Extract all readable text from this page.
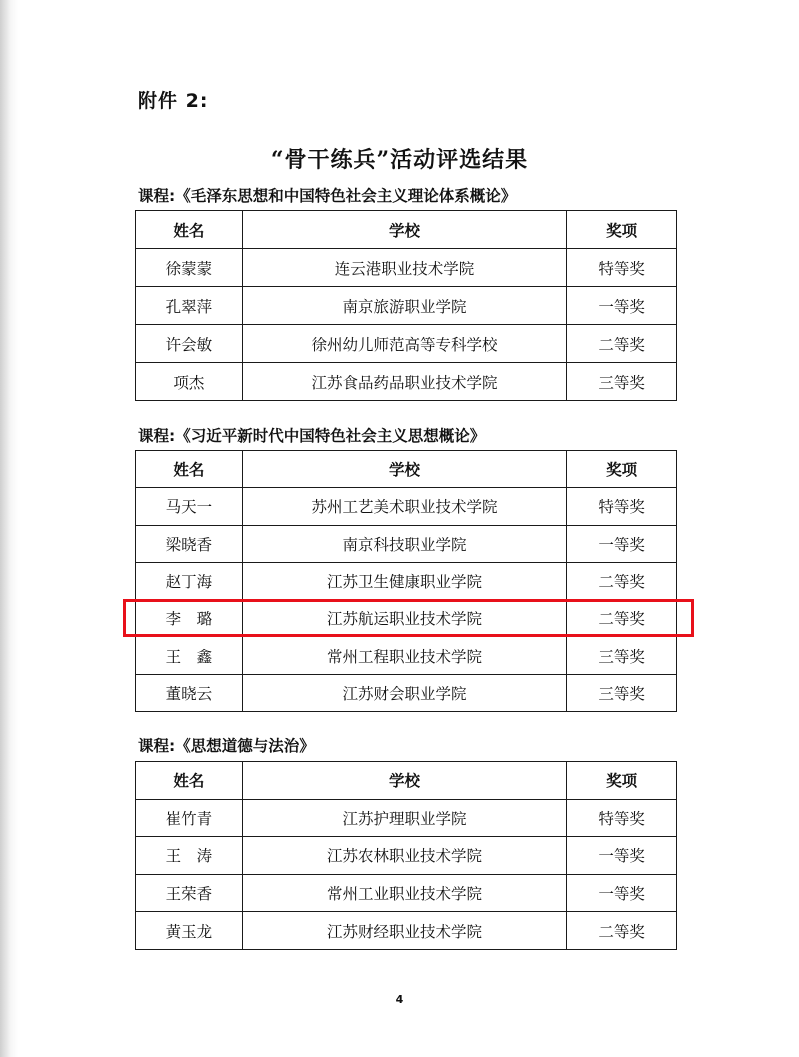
附件 2:
“骨干练兵”活动评选结果
课程:《毛泽东思想和中国特色社会主义理论体系概论》
姓名	学校	奖项
徐蒙蒙	连云港职业技术学院	特等奖
孔翠萍	南京旅游职业学院	一等奖
许会敏	徐州幼儿师范高等专科学校	二等奖
项杰	江苏食品药品职业技术学院	三等奖
课程:《习近平新时代中国特色社会主义思想概论》
姓名	学校	奖项
马天一	苏州工艺美术职业技术学院	特等奖
梁晓香	南京科技职业学院	一等奖
赵丁海	江苏卫生健康职业学院	二等奖
李　璐	江苏航运职业技术学院	二等奖
王　鑫	常州工程职业技术学院	三等奖
董晓云	江苏财会职业学院	三等奖
课程:《思想道德与法治》
姓名	学校	奖项
崔竹青	江苏护理职业学院	特等奖
王　涛	江苏农林职业技术学院	一等奖
王荣香	常州工业职业技术学院	一等奖
黄玉龙	江苏财经职业技术学院	二等奖
4
